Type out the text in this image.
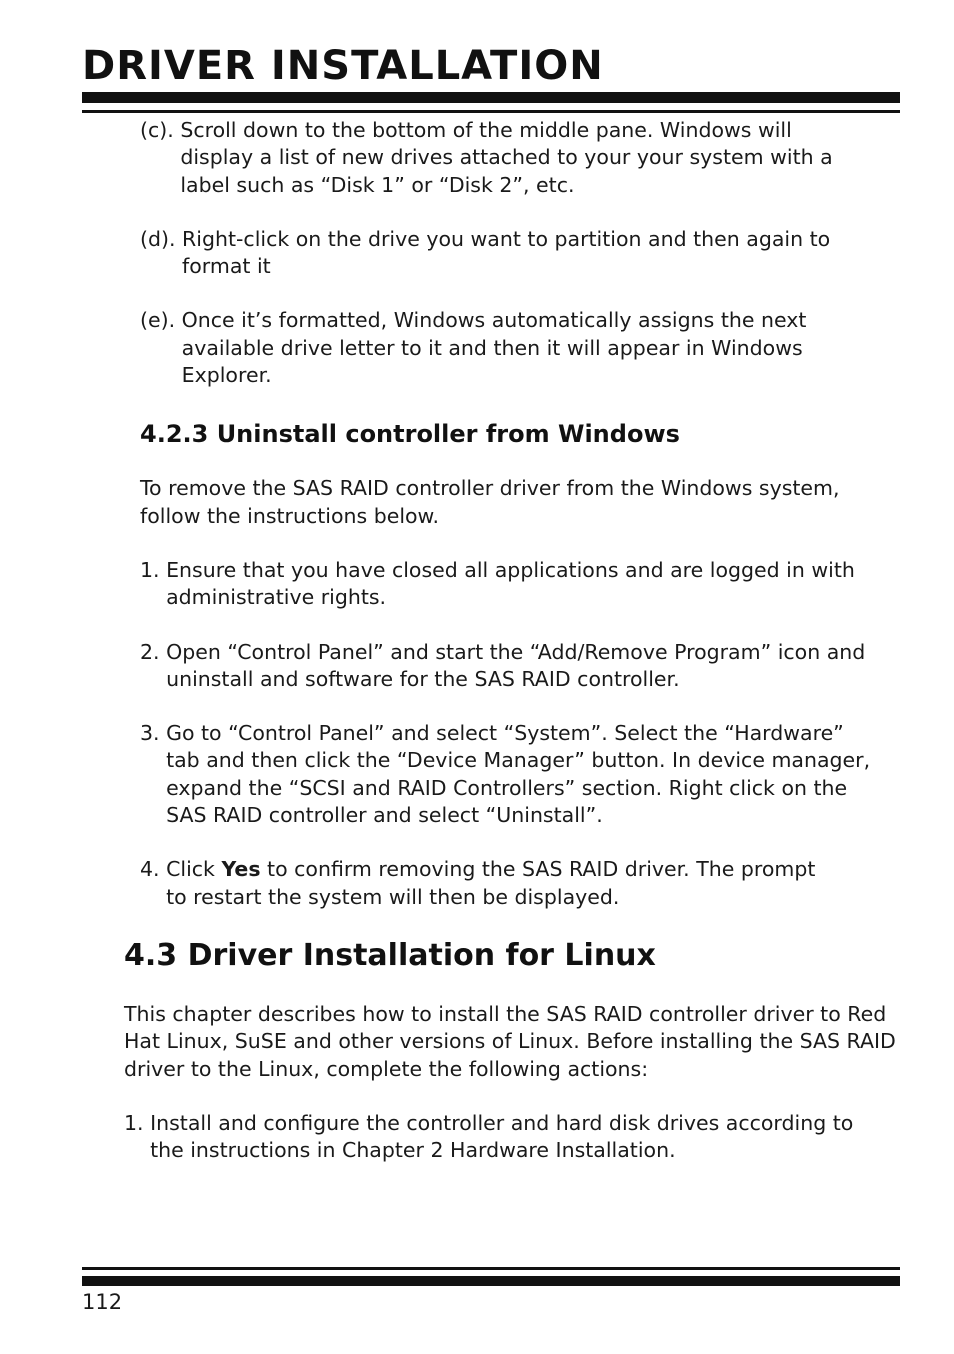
DRIVER INSTALLATION

(c). Scroll down to the bottom of the middle pane. Windows will display a list of new drives attached to your your system with a label such as “Disk 1” or “Disk 2”, etc.

(d). Right-click on the drive you want to partition and then again to format it

(e). Once it’s formatted, Windows automatically assigns the next available drive letter to it and then it will appear in Windows Explorer.

4.2.3 Uninstall controller from Windows

To remove the SAS RAID controller driver from the Windows system, follow the instructions below.

1. Ensure that you have closed all applications and are logged in with administrative rights.

2. Open “Control Panel” and start the “Add/Remove Program” icon and uninstall and software for the SAS RAID controller.

3. Go to “Control Panel” and select “System”. Select the “Hardware” tab and then click the “Device Manager” button. In device manager, expand the “SCSI and RAID Controllers” section. Right click on the SAS RAID controller and select “Uninstall”.

4. Click Yes to confirm removing the SAS RAID driver. The prompt to restart the system will then be displayed.

4.3 Driver Installation for Linux

This chapter describes how to install the SAS RAID controller driver to Red Hat Linux, SuSE and other versions of Linux. Before installing the SAS RAID driver to the Linux, complete the following actions:

1. Install and configure the controller and hard disk drives according to the instructions in Chapter 2 Hardware Installation.

112
